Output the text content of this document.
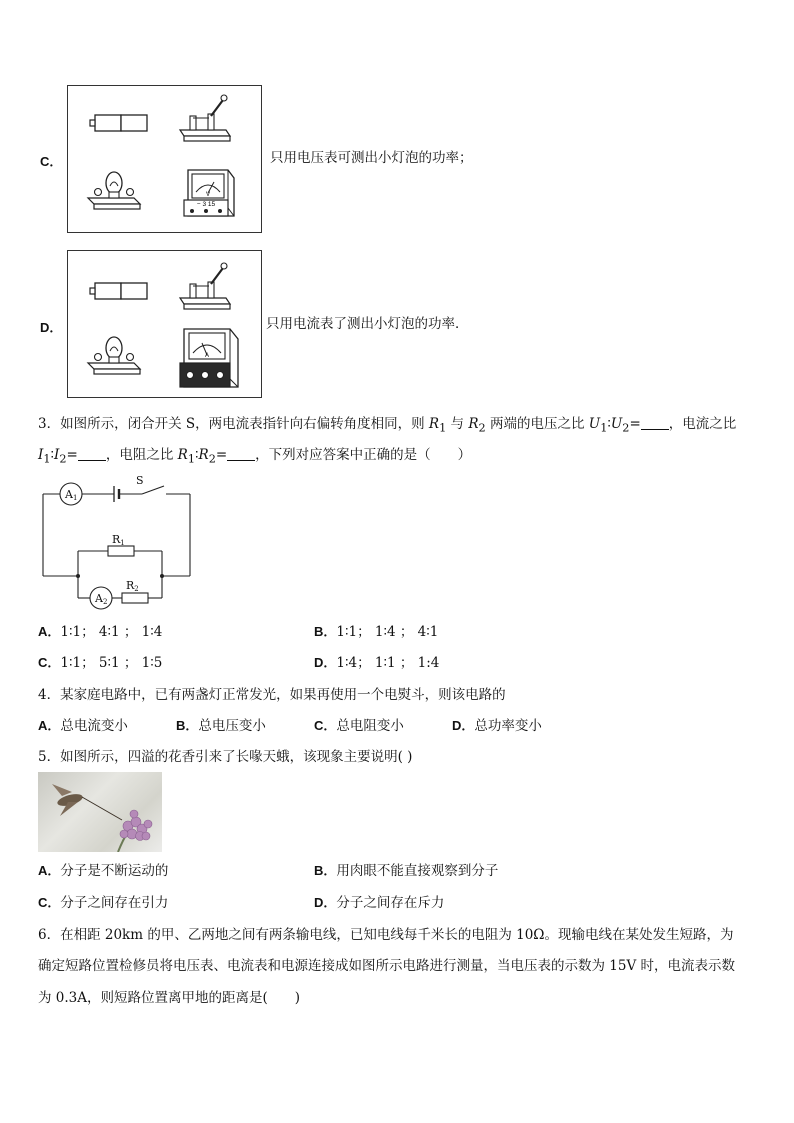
C．
V
− 3 15
只用电压表可测出小灯泡的功率；
D．
A
只用电流表了测出小灯泡的功率．
3．如图所示，闭合开关 S，两电流表指针向右偏转角度相同，则 $R_1$ 与 $R_2$ 两端的电压之比 $U_1∶U_2=$ ，电流之比
$I_1∶I_2=$ ，电阻之比 $R_1∶R_2=$ ，下列对应答案中正确的是（　　）
A1
S
R1
A2
R2
A．1∶1； 4∶1 ； 1∶4	B．1∶1； 1∶4 ； 4∶1
C．1∶1； 5∶1 ； 1∶5	D．1∶4； 1∶1 ； 1:4
4．某家庭电路中，已有两盏灯正常发光，如果再使用一个电熨斗，则该电路的
A．总电流变小	B．总电压变小	C．总电阻变小	D．总功率变小
5．如图所示，四溢的花香引来了长喙天蛾，该现象主要说明( )
A．分子是不断运动的	B．用肉眼不能直接观察到分子
C．分子之间存在引力	D．分子之间存在斥力
6．在相距 20km 的甲、乙两地之间有两条输电线，已知电线每千米长的电阻为 10Ω。现输电线在某处发生短路，为
确定短路位置检修员将电压表、电流表和电源连接成如图所示电路进行测量，当电压表的示数为 15V 时，电流表示数
为 0.3A，则短路位置离甲地的距离是(　　)
